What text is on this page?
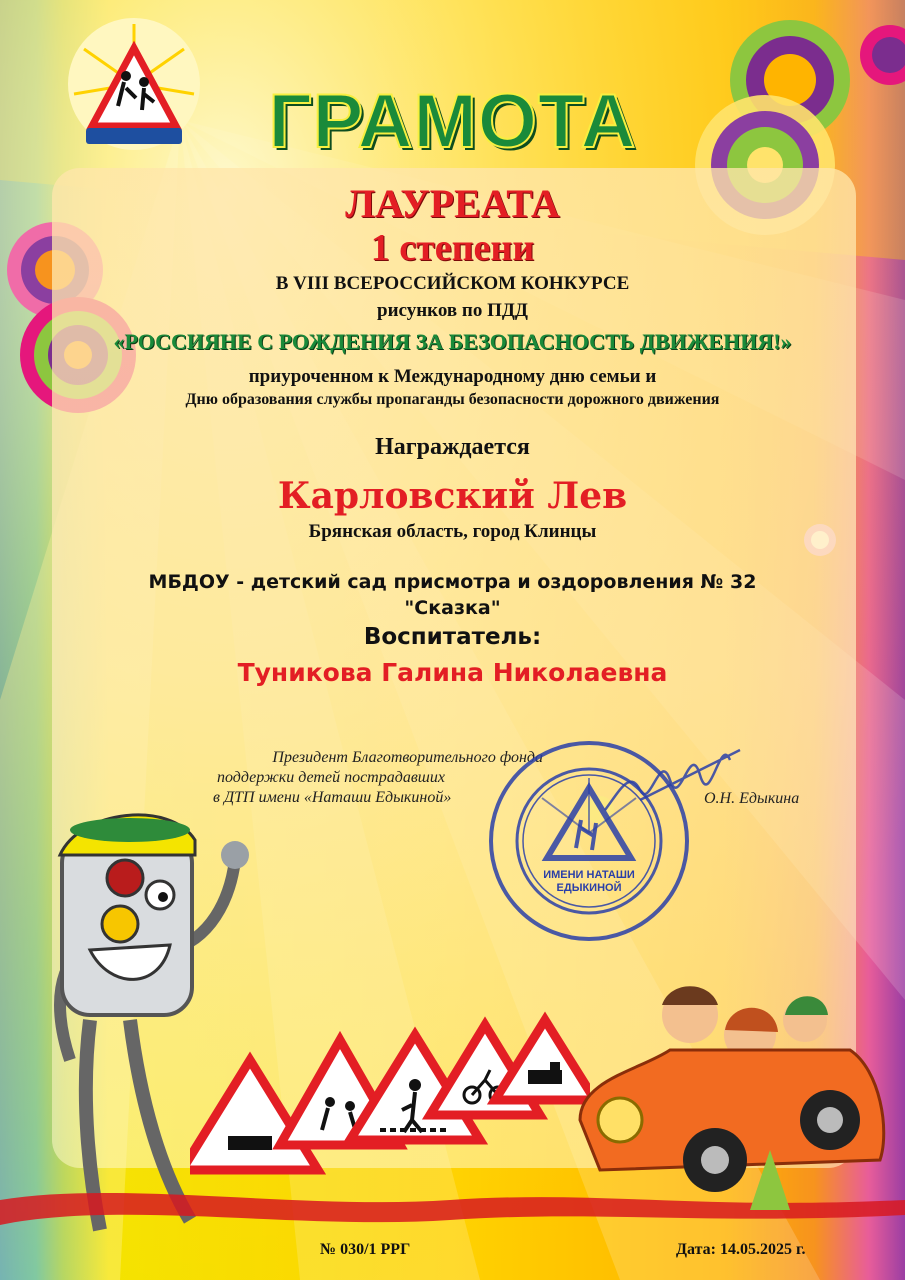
ГРАМОТА
ЛАУРЕАТА
1 степени
В VIII ВСЕРОССИЙСКОМ КОНКУРСЕ
рисунков по ПДД
«РОССИЯНЕ С РОЖДЕНИЯ ЗА БЕЗОПАСНОСТЬ ДВИЖЕНИЯ!»
приуроченном к Международному дню семьи и
Дню образования службы пропаганды безопасности дорожного движения
Награждается
Карловский Лев
Брянская область, город Клинцы
МБДОУ - детский сад присмотра и оздоровления № 32
"Сказка"
Воспитатель:
Туникова Галина Николаевна
Президент Благотворительного фонда
поддержки детей пострадавших
в ДТП имени «Наташи Едыкиной»	О.Н. Едыкина
ИМЕНИ НАТАШИ
ЕДЫКИНОЙ
№ 030/1 РРГ	Дата: 14.05.2025 г.
